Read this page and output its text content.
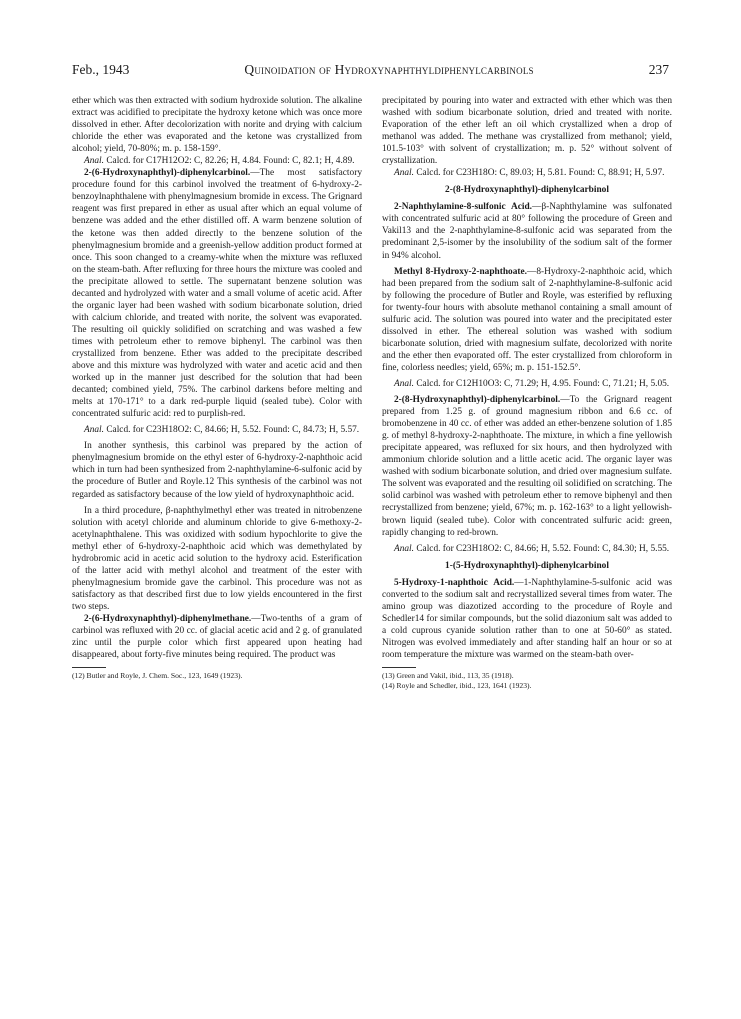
Feb., 1943	Quinoidation of Hydroxynaphthyldiphenylcarbinols	237

ether which was then extracted with sodium hydroxide solution. The alkaline extract was acidified to precipitate the hydroxy ketone which was once more dissolved in ether. After decolorization with norite and drying with calcium chloride the ether was evaporated and the ketone was crystallized from alcohol; yield, 70-80%; m. p. 158-159°.

Anal. Calcd. for C17H12O2: C, 82.26; H, 4.84. Found: C, 82.1; H, 4.89.

2-(6-Hydroxynaphthyl)-diphenylcarbinol.—The most satisfactory procedure found for this carbinol involved the treatment of 6-hydroxy-2-benzoylnaphthalene with phenylmagnesium bromide in excess. The Grignard reagent was first prepared in ether as usual after which an equal volume of benzene was added and the ether distilled off. A warm benzene solution of the ketone was then added directly to the benzene solution of the phenylmagnesium bromide and a greenish-yellow addition product formed at once. This soon changed to a creamy-white when the mixture was refluxed on the steam-bath. After refluxing for three hours the mixture was cooled and the precipitate allowed to settle. The supernatant benzene solution was decanted and hydrolyzed with water and a small volume of acetic acid. After the organic layer had been washed with sodium bicarbonate solution, dried with calcium chloride, and treated with norite, the solvent was evaporated. The resulting oil quickly solidified on scratching and was washed a few times with petroleum ether to remove biphenyl. The carbinol was then crystallized from benzene. Ether was added to the precipitate described above and this mixture was hydrolyzed with water and acetic acid and then worked up in the manner just described for the solution that had been decanted; combined yield, 75%. The carbinol darkens before melting and melts at 170-171° to a dark red-purple liquid (sealed tube). Color with concentrated sulfuric acid: red to purplish-red.

Anal. Calcd. for C23H18O2: C, 84.66; H, 5.52. Found: C, 84.73; H, 5.57.

In another synthesis, this carbinol was prepared by the action of phenylmagnesium bromide on the ethyl ester of 6-hydroxy-2-naphthoic acid which in turn had been synthesized from 2-naphthylamine-6-sulfonic acid by the procedure of Butler and Royle.12 This synthesis of the carbinol was not regarded as satisfactory because of the low yield of hydroxynaphthoic acid.

In a third procedure, β-naphthylmethyl ether was treated in nitrobenzene solution with acetyl chloride and aluminum chloride to give 6-methoxy-2-acetylnaphthalene. This was oxidized with sodium hypochlorite to give the methyl ether of 6-hydroxy-2-naphthoic acid which was demethylated by hydrobromic acid in acetic acid solution to the hydroxy acid. Esterification of the latter acid with methyl alcohol and treatment of the ester with phenylmagnesium bromide gave the carbinol. This procedure was not as satisfactory as that described first due to low yields encountered in the first two steps.

2-(6-Hydroxynaphthyl)-diphenylmethane.—Two-tenths of a gram of carbinol was refluxed with 20 cc. of glacial acetic acid and 2 g. of granulated zinc until the purple color which first appeared upon heating had disappeared, about forty-five minutes being required. The product was

(12) Butler and Royle, J. Chem. Soc., 123, 1649 (1923).

precipitated by pouring into water and extracted with ether which was then washed with sodium bicarbonate solution, dried and treated with norite. Evaporation of the ether left an oil which crystallized when a drop of methanol was added. The methane was crystallized from methanol; yield, 101.5-103° with solvent of crystallization; m. p. 52° without solvent of crystallization.

Anal. Calcd. for C23H18O: C, 89.03; H, 5.81. Found: C, 88.91; H, 5.97.

2-(8-Hydroxynaphthyl)-diphenylcarbinol

2-Naphthylamine-8-sulfonic Acid.—β-Naphthylamine was sulfonated with concentrated sulfuric acid at 80° following the procedure of Green and Vakil13 and the 2-naphthylamine-8-sulfonic acid was separated from the predominant 2,5-isomer by the insolubility of the sodium salt of the former in 94% alcohol.

Methyl 8-Hydroxy-2-naphthoate.—8-Hydroxy-2-naphthoic acid, which had been prepared from the sodium salt of 2-naphthylamine-8-sulfonic acid by following the procedure of Butler and Royle, was esterified by refluxing for twenty-four hours with absolute methanol containing a small amount of sulfuric acid. The solution was poured into water and the precipitated ester dissolved in ether. The ethereal solution was washed with sodium bicarbonate solution, dried with magnesium sulfate, decolorized with norite and the ether then evaporated off. The ester crystallized from chloroform in fine, colorless needles; yield, 65%; m. p. 151-152.5°.

Anal. Calcd. for C12H10O3: C, 71.29; H, 4.95. Found: C, 71.21; H, 5.05.

2-(8-Hydroxynaphthyl)-diphenylcarbinol.—To the Grignard reagent prepared from 1.25 g. of ground magnesium ribbon and 6.6 cc. of bromobenzene in 40 cc. of ether was added an ether-benzene solution of 1.85 g. of methyl 8-hydroxy-2-naphthoate. The mixture, in which a fine yellowish precipitate appeared, was refluxed for six hours, and then hydrolyzed with ammonium chloride solution and a little acetic acid. The organic layer was washed with sodium bicarbonate solution, and dried over magnesium sulfate. The solvent was evaporated and the resulting oil solidified on scratching. The solid carbinol was washed with petroleum ether to remove biphenyl and then recrystallized from benzene; yield, 67%; m. p. 162-163° to a light yellowish-brown liquid (sealed tube). Color with concentrated sulfuric acid: green, rapidly changing to red-brown.

Anal. Calcd. for C23H18O2: C, 84.66; H, 5.52. Found: C, 84.30; H, 5.55.

1-(5-Hydroxynaphthyl)-diphenylcarbinol

5-Hydroxy-1-naphthoic Acid.—1-Naphthylamine-5-sulfonic acid was converted to the sodium salt and recrystallized several times from water. The amino group was diazotized according to the procedure of Royle and Schedler14 for similar compounds, but the solid diazonium salt was added to a cold cuprous cyanide solution rather than to one at 50-60° as stated. Nitrogen was evolved immediately and after standing half an hour or so at room temperature the mixture was warmed on the steam-bath over-

(13) Green and Vakil, ibid., 113, 35 (1918).
(14) Royle and Schedler, ibid., 123, 1641 (1923).
